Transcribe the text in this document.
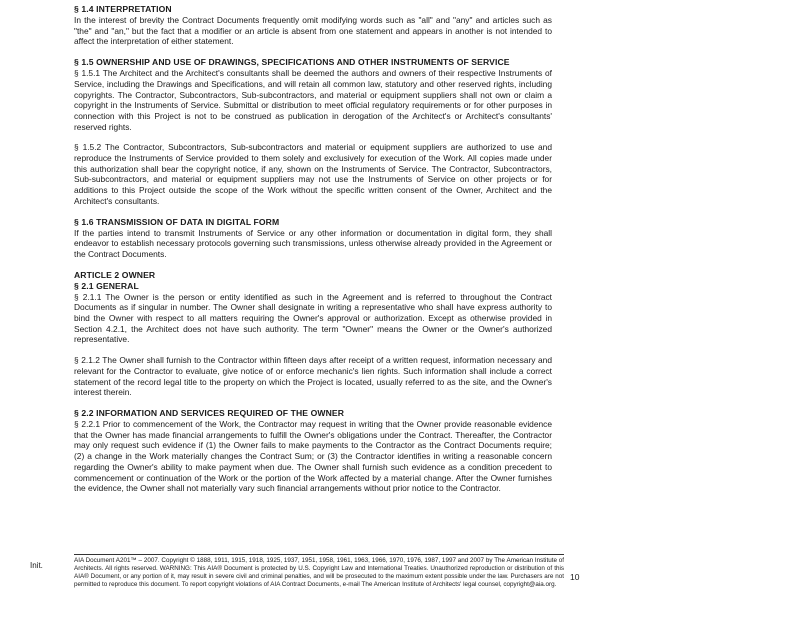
§ 1.4 INTERPRETATION

In the interest of brevity the Contract Documents frequently omit modifying words such as "all" and "any" and articles such as "the" and "an," but the fact that a modifier or an article is absent from one statement and appears in another is not intended to affect the interpretation of either statement.

§ 1.5 OWNERSHIP AND USE OF DRAWINGS, SPECIFICATIONS AND OTHER INSTRUMENTS OF SERVICE

§ 1.5.1 The Architect and the Architect's consultants shall be deemed the authors and owners of their respective Instruments of Service, including the Drawings and Specifications, and will retain all common law, statutory and other reserved rights, including copyrights. The Contractor, Subcontractors, Sub-subcontractors, and material or equipment suppliers shall not own or claim a copyright in the Instruments of Service. Submittal or distribution to meet official regulatory requirements or for other purposes in connection with this Project is not to be construed as publication in derogation of the Architect's or Architect's consultants' reserved rights.

§ 1.5.2 The Contractor, Subcontractors, Sub-subcontractors and material or equipment suppliers are authorized to use and reproduce the Instruments of Service provided to them solely and exclusively for execution of the Work. All copies made under this authorization shall bear the copyright notice, if any, shown on the Instruments of Service. The Contractor, Subcontractors, Sub-subcontractors, and material or equipment suppliers may not use the Instruments of Service on other projects or for additions to this Project outside the scope of the Work without the specific written consent of the Owner, Architect and the Architect's consultants.

§ 1.6 TRANSMISSION OF DATA IN DIGITAL FORM

If the parties intend to transmit Instruments of Service or any other information or documentation in digital form, they shall endeavor to establish necessary protocols governing such transmissions, unless otherwise already provided in the Agreement or the Contract Documents.

ARTICLE 2 OWNER

§ 2.1 GENERAL

§ 2.1.1 The Owner is the person or entity identified as such in the Agreement and is referred to throughout the Contract Documents as if singular in number. The Owner shall designate in writing a representative who shall have express authority to bind the Owner with respect to all matters requiring the Owner's approval or authorization. Except as otherwise provided in Section 4.2.1, the Architect does not have such authority. The term "Owner" means the Owner or the Owner's authorized representative.

§ 2.1.2 The Owner shall furnish to the Contractor within fifteen days after receipt of a written request, information necessary and relevant for the Contractor to evaluate, give notice of or enforce mechanic's lien rights. Such information shall include a correct statement of the record legal title to the property on which the Project is located, usually referred to as the site, and the Owner's interest therein.

§ 2.2 INFORMATION AND SERVICES REQUIRED OF THE OWNER

§ 2.2.1 Prior to commencement of the Work, the Contractor may request in writing that the Owner provide reasonable evidence that the Owner has made financial arrangements to fulfill the Owner's obligations under the Contract. Thereafter, the Contractor may only request such evidence if (1) the Owner fails to make payments to the Contractor as the Contract Documents require; (2) a change in the Work materially changes the Contract Sum; or (3) the Contractor identifies in writing a reasonable concern regarding the Owner's ability to make payment when due. The Owner shall furnish such evidence as a condition precedent to commencement or continuation of the Work or the portion of the Work affected by a material change. After the Owner furnishes the evidence, the Owner shall not materially vary such financial arrangements without prior notice to the Contractor.

Init.
AIA Document A201™ – 2007. Copyright © 1888, 1911, 1915, 1918, 1925, 1937, 1951, 1958, 1961, 1963, 1966, 1970, 1976, 1987, 1997 and 2007 by The American Institute of Architects. All rights reserved. WARNING: This AIA® Document is protected by U.S. Copyright Law and International Treaties. Unauthorized reproduction or distribution of this AIA® Document, or any portion of it, may result in severe civil and criminal penalties, and will be prosecuted to the maximum extent possible under the law. Purchasers are not permitted to reproduce this document. To report copyright violations of AIA Contract Documents, e-mail The American Institute of Architects' legal counsel, copyright@aia.org.
10
